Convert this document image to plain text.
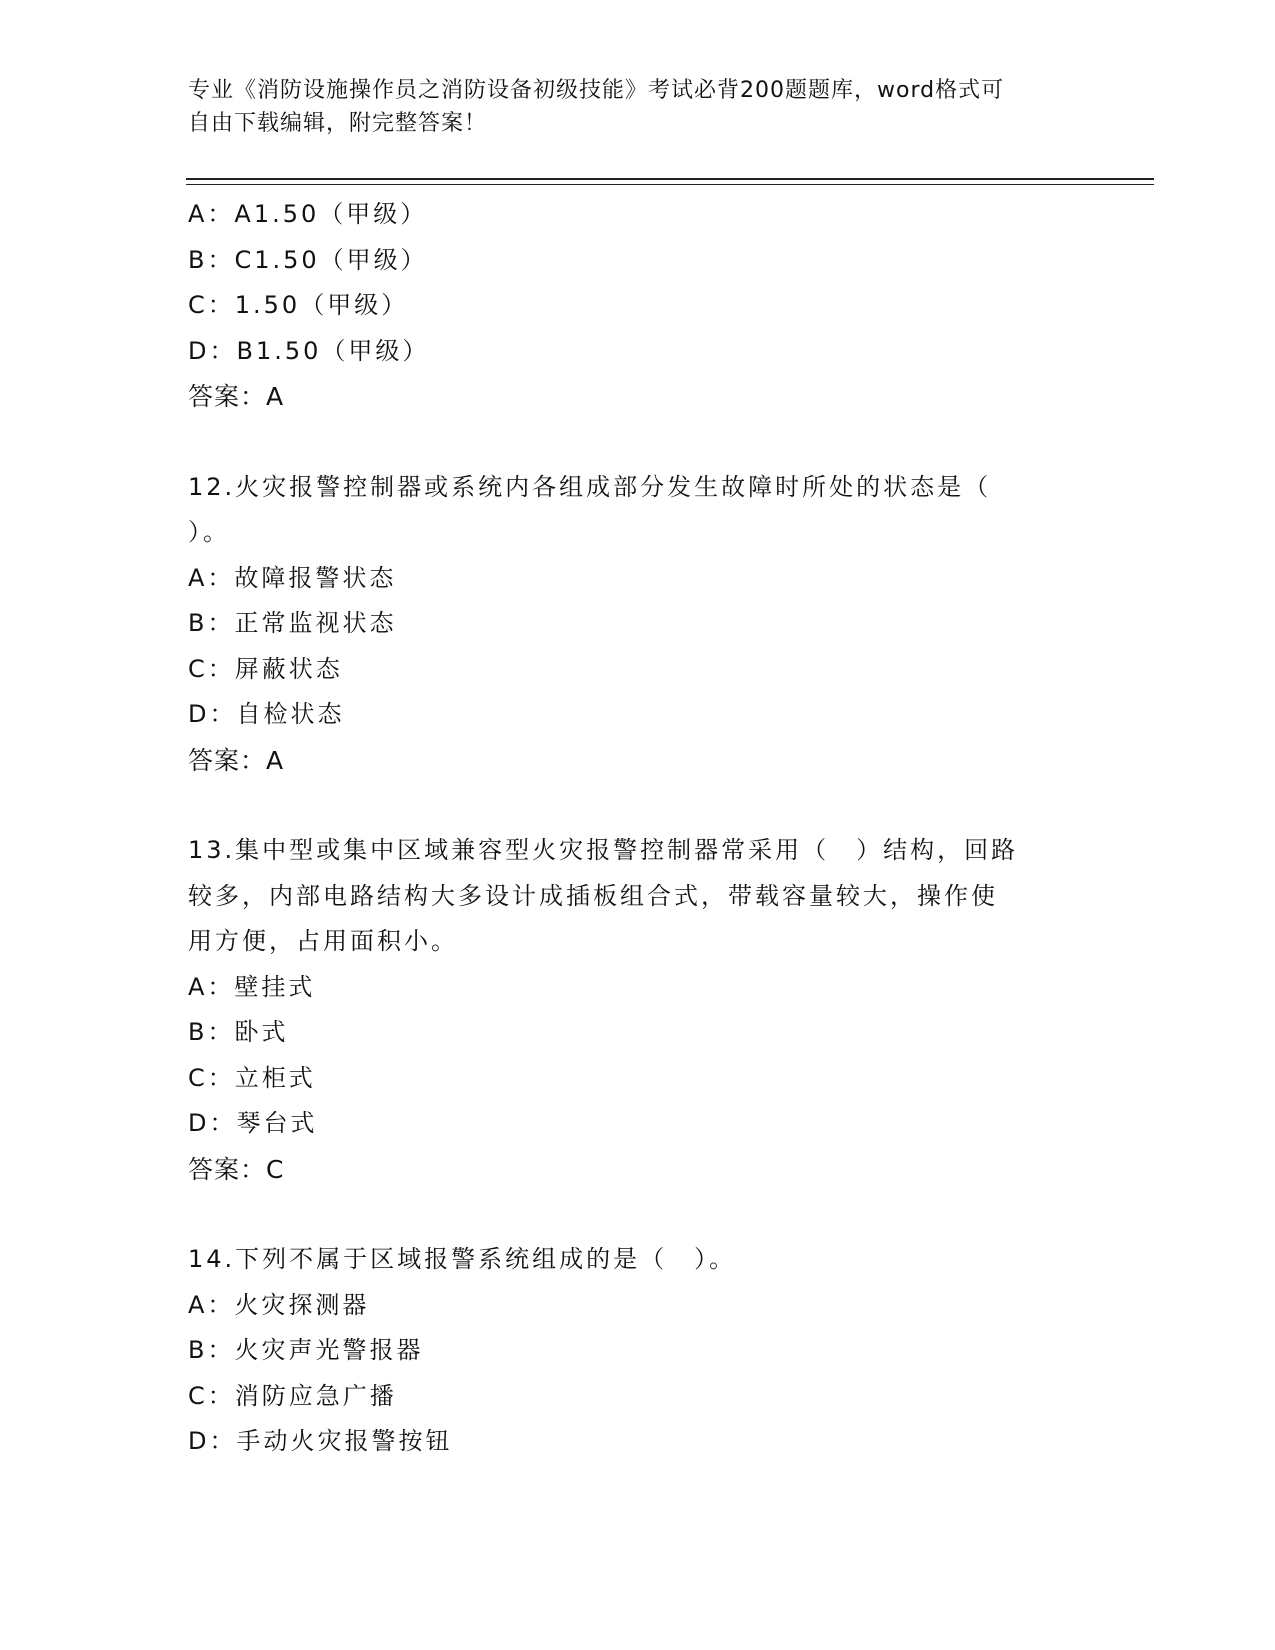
专业《消防设施操作员之消防设备初级技能》考试必背200题题库，word格式可
自由下载编辑，附完整答案！
A：A1.50（甲级）
B：C1.50（甲级）
C：1.50（甲级）
D：B1.50（甲级）
答案：A
12.火灾报警控制器或系统内各组成部分发生故障时所处的状态是（
）。
A：故障报警状态
B：正常监视状态
C：屏蔽状态
D：自检状态
答案：A
13.集中型或集中区域兼容型火灾报警控制器常采用（　）结构，回路
较多，内部电路结构大多设计成插板组合式，带载容量较大，操作使
用方便，占用面积小。
A：壁挂式
B：卧式
C：立柜式
D：琴台式
答案：C
14.下列不属于区域报警系统组成的是（　）。
A：火灾探测器
B：火灾声光警报器
C：消防应急广播
D：手动火灾报警按钮
